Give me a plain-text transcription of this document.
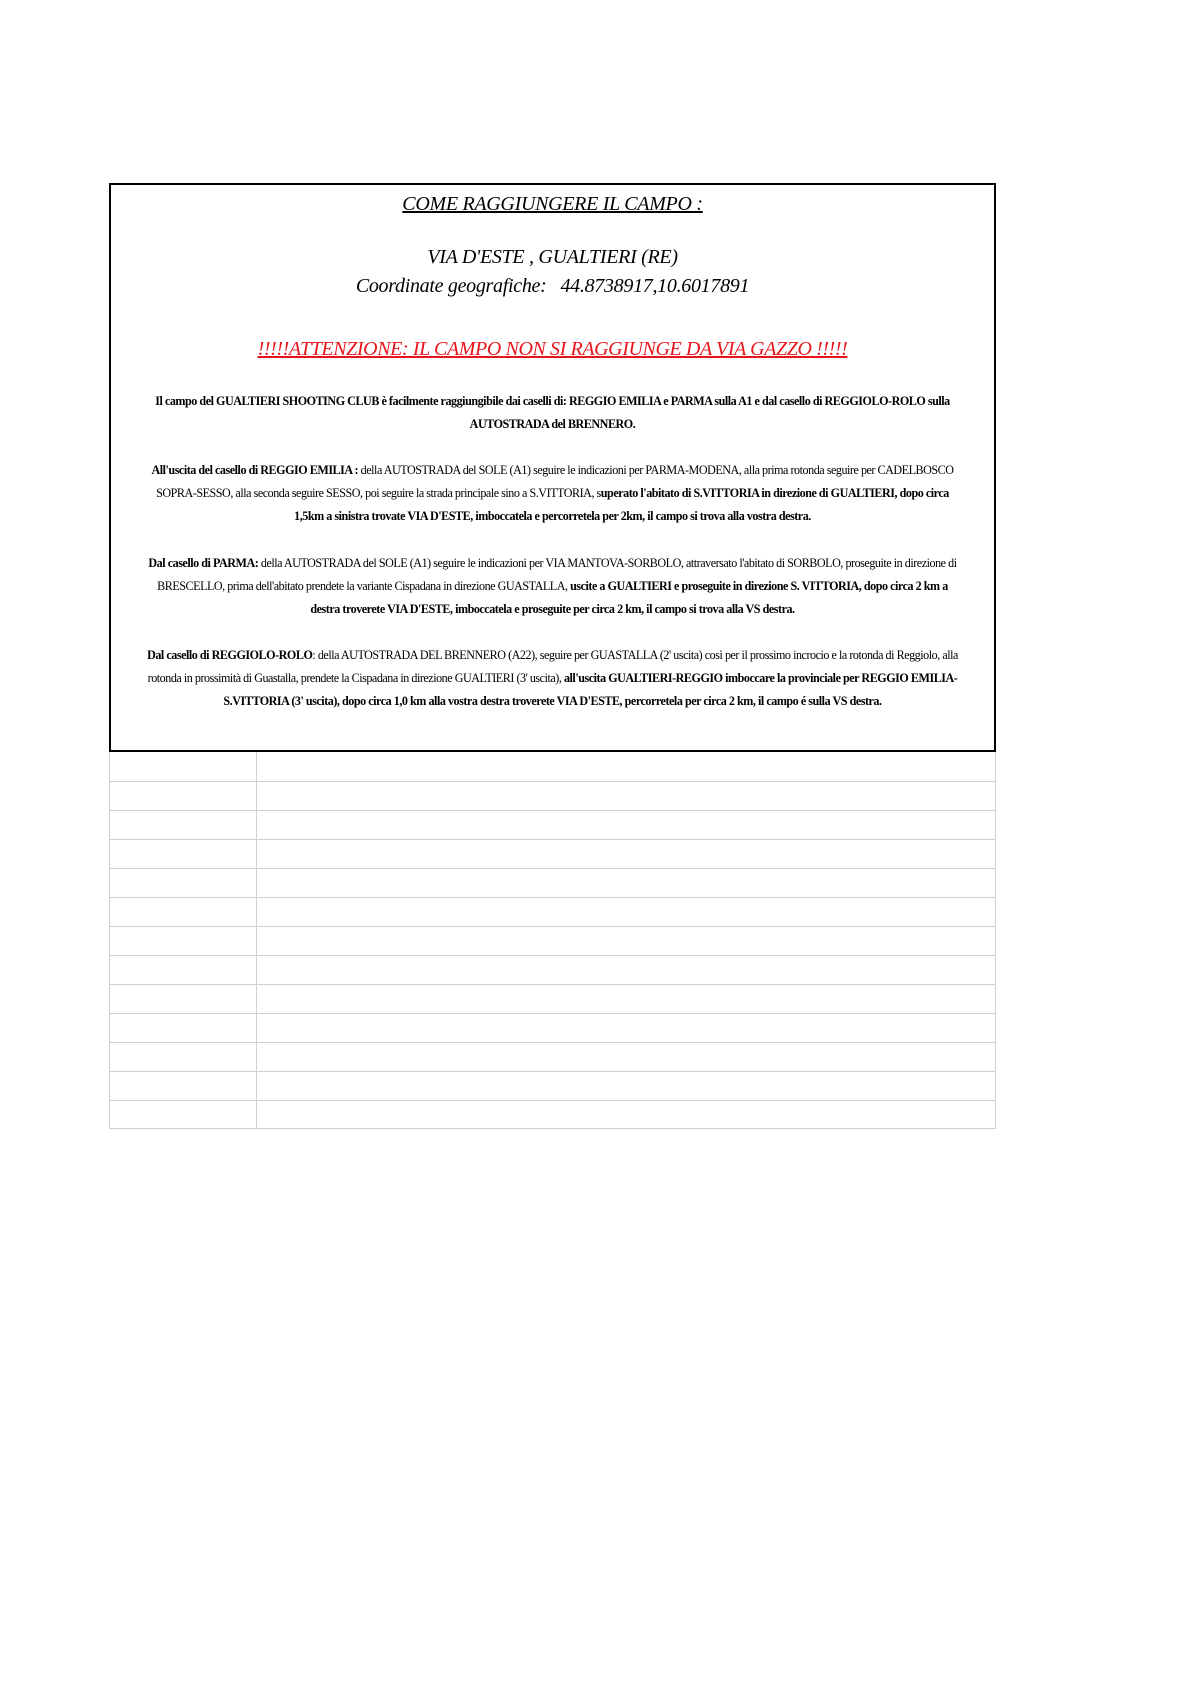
COME RAGGIUNGERE IL CAMPO :
VIA D'ESTE , GUALTIERI (RE)
Coordinate geografiche: 44.8738917,10.6017891
!!!!!ATTENZIONE: IL CAMPO NON SI RAGGIUNGE DA VIA GAZZO !!!!!
Il campo del GUALTIERI SHOOTING CLUB è facilmente raggiungibile dai caselli di: REGGIO EMILIA e PARMA sulla A1 e dal casello di REGGIOLO-ROLO sulla AUTOSTRADA del BRENNERO.
All'uscita del casello di REGGIO EMILIA : della AUTOSTRADA del SOLE (A1) seguire le indicazioni per PARMA-MODENA, alla prima rotonda seguire per CADELBOSCO SOPRA-SESSO, alla seconda seguire SESSO, poi seguire la strada principale sino a S.VITTORIA, superato l'abitato di S.VITTORIA in direzione di GUALTIERI, dopo circa 1,5km a sinistra trovate VIA D'ESTE, imboccatela e percorretela per 2km, il campo si trova alla vostra destra.
Dal casello di PARMA: della AUTOSTRADA del SOLE (A1) seguire le indicazioni per VIA MANTOVA-SORBOLO, attraversato l'abitato di SORBOLO, proseguite in direzione di BRESCELLO, prima dell'abitato prendete la variante Cispadana in direzione GUASTALLA, uscite a GUALTIERI e proseguite in direzione S. VITTORIA, dopo circa 2 km a destra troverete VIA D'ESTE, imboccatela e proseguite per circa 2 km, il campo si trova alla VS destra.
Dal casello di REGGIOLO-ROLO: della AUTOSTRADA DEL BRENNERO (A22), seguire per GUASTALLA (2' uscita) così per il prossimo incrocio e la rotonda di Reggiolo, alla rotonda in prossimità di Guastalla, prendete la Cispadana in direzione GUALTIERI (3' uscita), all'uscita GUALTIERI-REGGIO imboccare la provinciale per REGGIO EMILIA-S.VITTORIA (3' uscita), dopo circa 1,0 km alla vostra destra troverete VIA D'ESTE, percorretela per circa 2 km, il campo é sulla VS destra.
